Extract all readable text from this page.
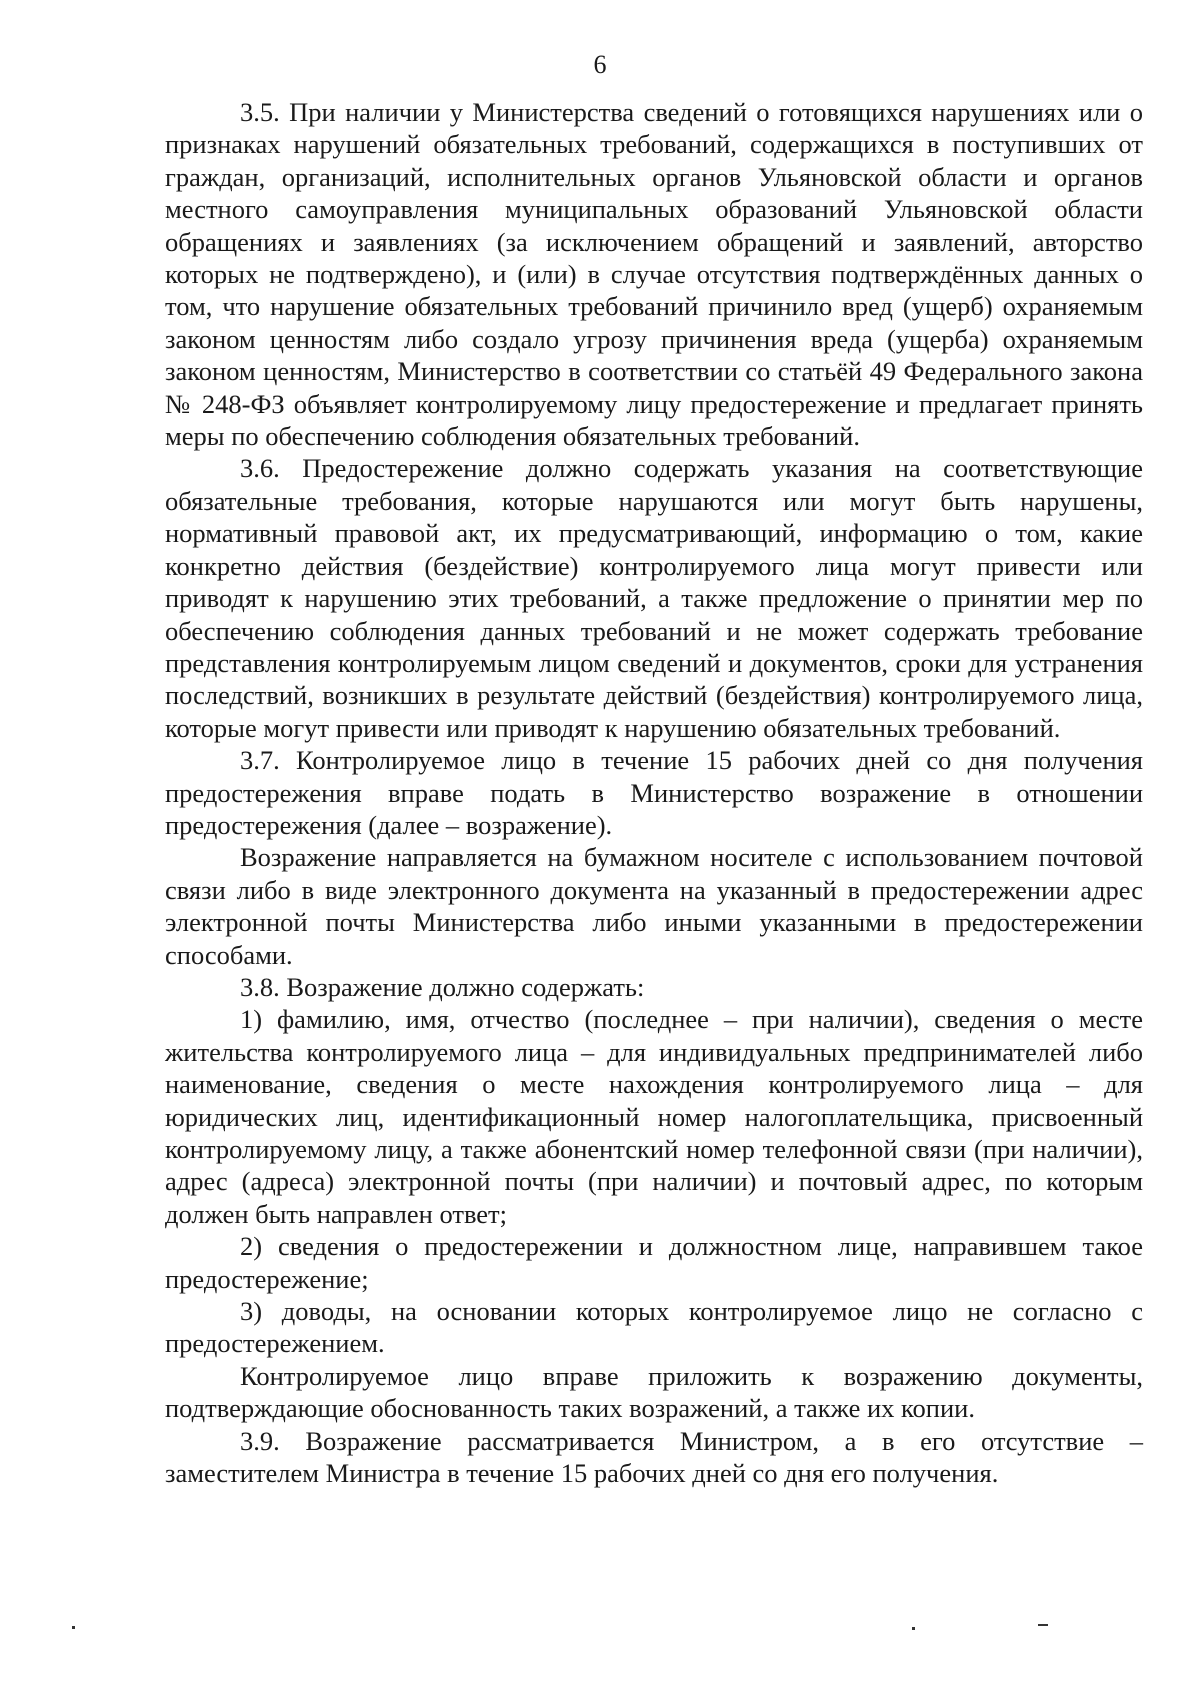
6

3.5. При наличии у Министерства сведений о готовящихся нарушениях или о признаках нарушений обязательных требований, содержащихся в поступивших от граждан, организаций, исполнительных органов Ульяновской области и органов местного самоуправления муниципальных образований Ульяновской области обращениях и заявлениях (за исключением обращений и заявлений, авторство которых не подтверждено), и (или) в случае отсутствия подтверждённых данных о том, что нарушение обязательных требований причинило вред (ущерб) охраняемым законом ценностям либо создало угрозу причинения вреда (ущерба) охраняемым законом ценностям, Министерство в соответствии со статьёй 49 Федерального закона № 248-ФЗ объявляет контролируемому лицу предостережение и предлагает принять меры по обеспечению соблюдения обязательных требований.

3.6. Предостережение должно содержать указания на соответствующие обязательные требования, которые нарушаются или могут быть нарушены, нормативный правовой акт, их предусматривающий, информацию о том, какие конкретно действия (бездействие) контролируемого лица могут привести или приводят к нарушению этих требований, а также предложение о принятии мер по обеспечению соблюдения данных требований и не может содержать требование представления контролируемым лицом сведений и документов, сроки для устранения последствий, возникших в результате действий (бездействия) контролируемого лица, которые могут привести или приводят к нарушению обязательных требований.

3.7. Контролируемое лицо в течение 15 рабочих дней со дня получения предостережения вправе подать в Министерство возражение в отношении предостережения (далее – возражение).

Возражение направляется на бумажном носителе с использованием почтовой связи либо в виде электронного документа на указанный в предостережении адрес электронной почты Министерства либо иными указанными в предостережении способами.

3.8. Возражение должно содержать:

1) фамилию, имя, отчество (последнее – при наличии), сведения о месте жительства контролируемого лица – для индивидуальных предпринимателей либо наименование, сведения о месте нахождения контролируемого лица – для юридических лиц, идентификационный номер налогоплательщика, присвоенный контролируемому лицу, а также абонентский номер телефонной связи (при наличии), адрес (адреса) электронной почты (при наличии) и почтовый адрес, по которым должен быть направлен ответ;

2) сведения о предостережении и должностном лице, направившем такое предостережение;

3) доводы, на основании которых контролируемое лицо не согласно с предостережением.

Контролируемое лицо вправе приложить к возражению документы, подтверждающие обоснованность таких возражений, а также их копии.

3.9. Возражение рассматривается Министром, а в его отсутствие – заместителем Министра в течение 15 рабочих дней со дня его получения.
